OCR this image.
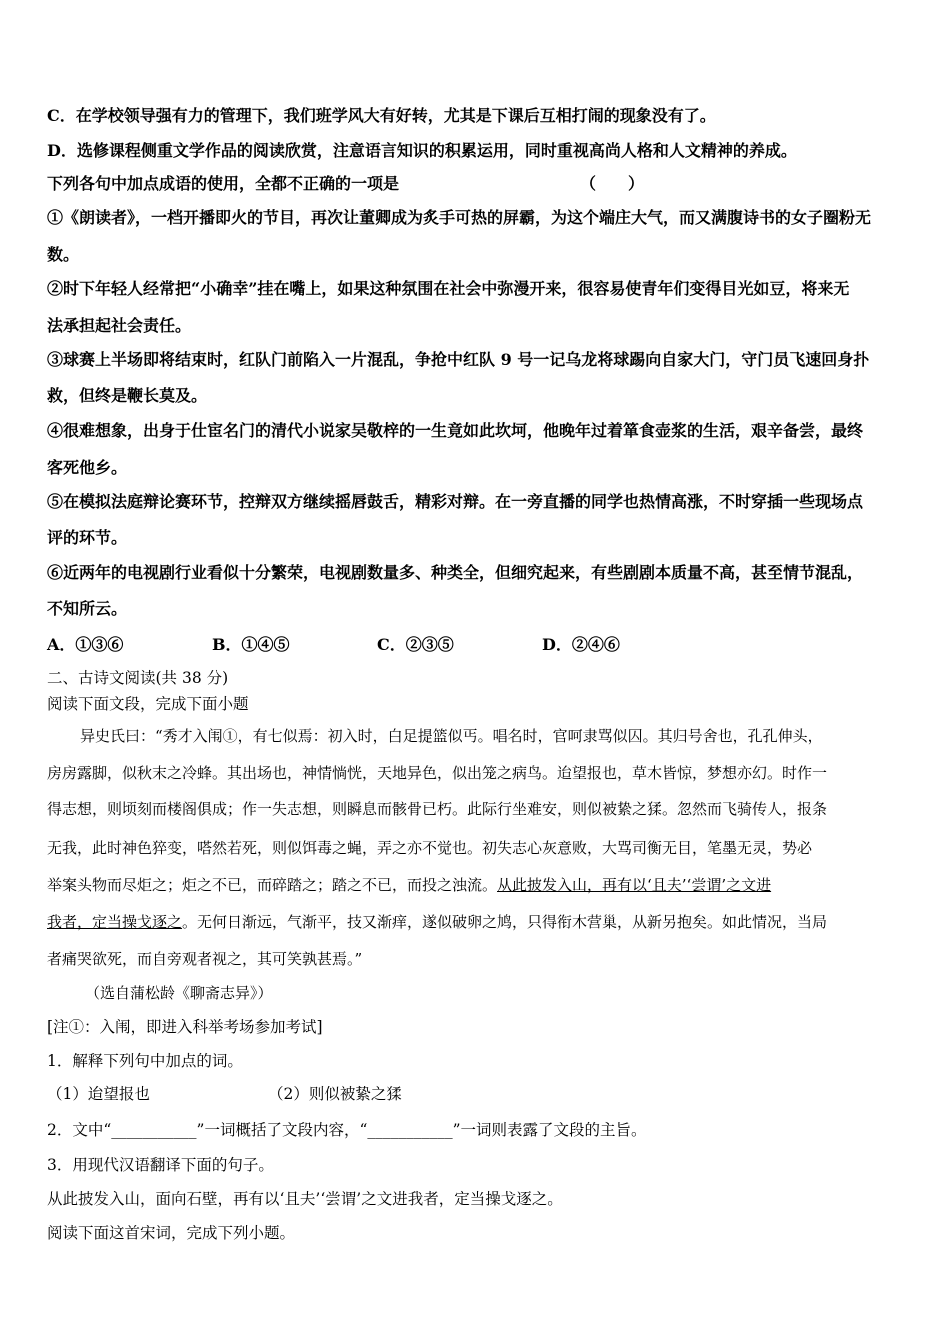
C．在学校领导强有力的管理下，我们班学风大有好转，尤其是下课后互相打闹的现象没有了。
D．选修课程侧重文学作品的阅读欣赏，注意语言知识的积累运用，同时重视高尚人格和人文精神的养成。
下列各句中加点成语的使用，全都不正确的一项是	（　　）
①《朗读者》，一档开播即火的节目，再次让董卿成为炙手可热的屏霸，为这个端庄大气，而又满腹诗书的女子圈粉无
数。
②时下年轻人经常把“小确幸”挂在嘴上，如果这种氛围在社会中弥漫开来，很容易使青年们变得目光如豆，将来无
法承担起社会责任。
③球赛上半场即将结束时，红队门前陷入一片混乱，争抢中红队 9 号一记乌龙将球踢向自家大门，守门员飞速回身扑
救，但终是鞭长莫及。
④很难想象，出身于仕宦名门的清代小说家吴敬梓的一生竟如此坎坷，他晚年过着箪食壶浆的生活，艰辛备尝，最终
客死他乡。
⑤在模拟法庭辩论赛环节，控辩双方继续摇唇鼓舌，精彩对辩。在一旁直播的同学也热情高涨，不时穿插一些现场点
评的环节。
⑥近两年的电视剧行业看似十分繁荣，电视剧数量多、种类全，但细究起来，有些剧剧本质量不高，甚至情节混乱，
不知所云。
A．①③⑥	B．①④⑤	C．②③⑤	D．②④⑥
二、古诗文阅读(共 38 分)
阅读下面文段，完成下面小题
异史氏曰：“秀才入闱①，有七似焉：初入时，白足提篮似丐。唱名时，官呵隶骂似囚。其归号舍也，孔孔伸头，
房房露脚，似秋末之冷蜂。其出场也，神情惝恍，天地异色，似出笼之病鸟。迨望报也，草木皆惊，梦想亦幻。时作一
得志想，则顷刻而楼阁俱成；作一失志想，则瞬息而骸骨已朽。此际行坐难安，则似被絷之猱。忽然而飞骑传人，报条
无我，此时神色猝变，嗒然若死，则似饵毒之蝇，弄之亦不觉也。初失志心灰意败，大骂司衡无目，笔墨无灵，势必
举案头物而尽炬之；炬之不已，而碎踏之；踏之不已，而投之浊流。从此披发入山，再有以‘且夫’‘尝谓’之文进
我者，定当操戈逐之。无何日渐远，气渐平，技又渐痒，遂似破卵之鸠，只得衔木营巢，从新另抱矣。如此情况，当局
者痛哭欲死，而自旁观者视之，其可笑孰甚焉。”
（选自蒲松龄《聊斋志异》）
[注①：入闱，即进入科举考场参加考试]
1．解释下列句中加点的词。
（1）迨望报也	（2）则似被絷之猱
2．文中“___________”一词概括了文段内容，“___________”一词则表露了文段的主旨。
3．用现代汉语翻译下面的句子。
从此披发入山，面向石壁，再有以‘且夫’‘尝谓’之文进我者，定当操戈逐之。
阅读下面这首宋词，完成下列小题。
